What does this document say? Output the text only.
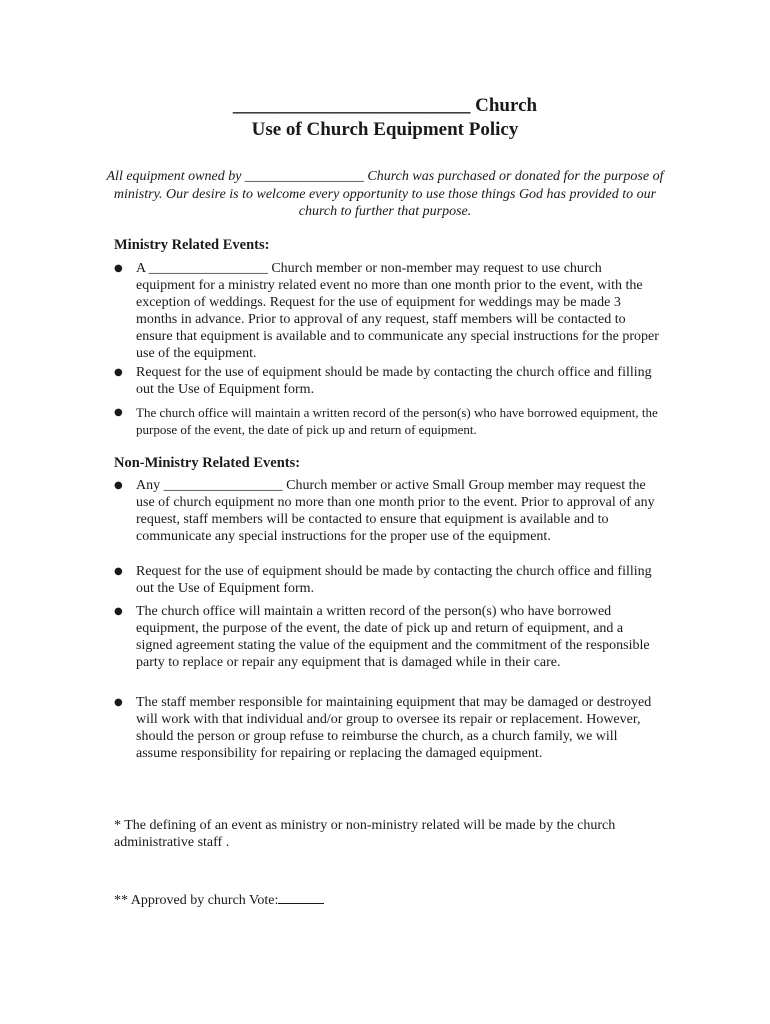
_________________________ Church
Use of Church Equipment Policy
All equipment owned by _________________ Church was purchased or donated for the purpose of ministry. Our desire is to welcome every opportunity to use those things God has provided to our church to further that purpose.
Ministry Related Events:
● A _________________ Church member or non-member may request to use church equipment for a ministry related event no more than one month prior to the event, with the exception of weddings. Request for the use of equipment for weddings may be made 3 months in advance. Prior to approval of any request, staff members will be contacted to ensure that equipment is available and to communicate any special instructions for the proper use of the equipment.
● Request for the use of equipment should be made by contacting the church office and filling out the Use of Equipment form.
●	The church office will maintain a written record of the person(s) who have borrowed equipment, the purpose of the event, the date of pick up and return of equipment.
Non-Ministry Related Events:
● Any _________________ Church member or active Small Group member may request the use of church equipment no more than one month prior to the event. Prior to approval of any request, staff members will be contacted to ensure that equipment is available and to communicate any special instructions for the proper use of the equipment.
● Request for the use of equipment should be made by contacting the church office and filling out the Use of Equipment form.
● The church office will maintain a written record of the person(s) who have borrowed equipment, the purpose of the event, the date of pick up and return of equipment, and a signed agreement stating the value of the equipment and the commitment of the responsible party to replace or repair any equipment that is damaged while in their care.
● The staff member responsible for maintaining equipment that may be damaged or destroyed will work with that individual and/or group to oversee its repair or replacement. However, should the person or group refuse to reimburse the church, as a church family, we will assume responsibility for repairing or replacing the damaged equipment.
* The defining of an event as ministry or non-ministry related will be made by the church administrative staff .
** Approved by church Vote:
